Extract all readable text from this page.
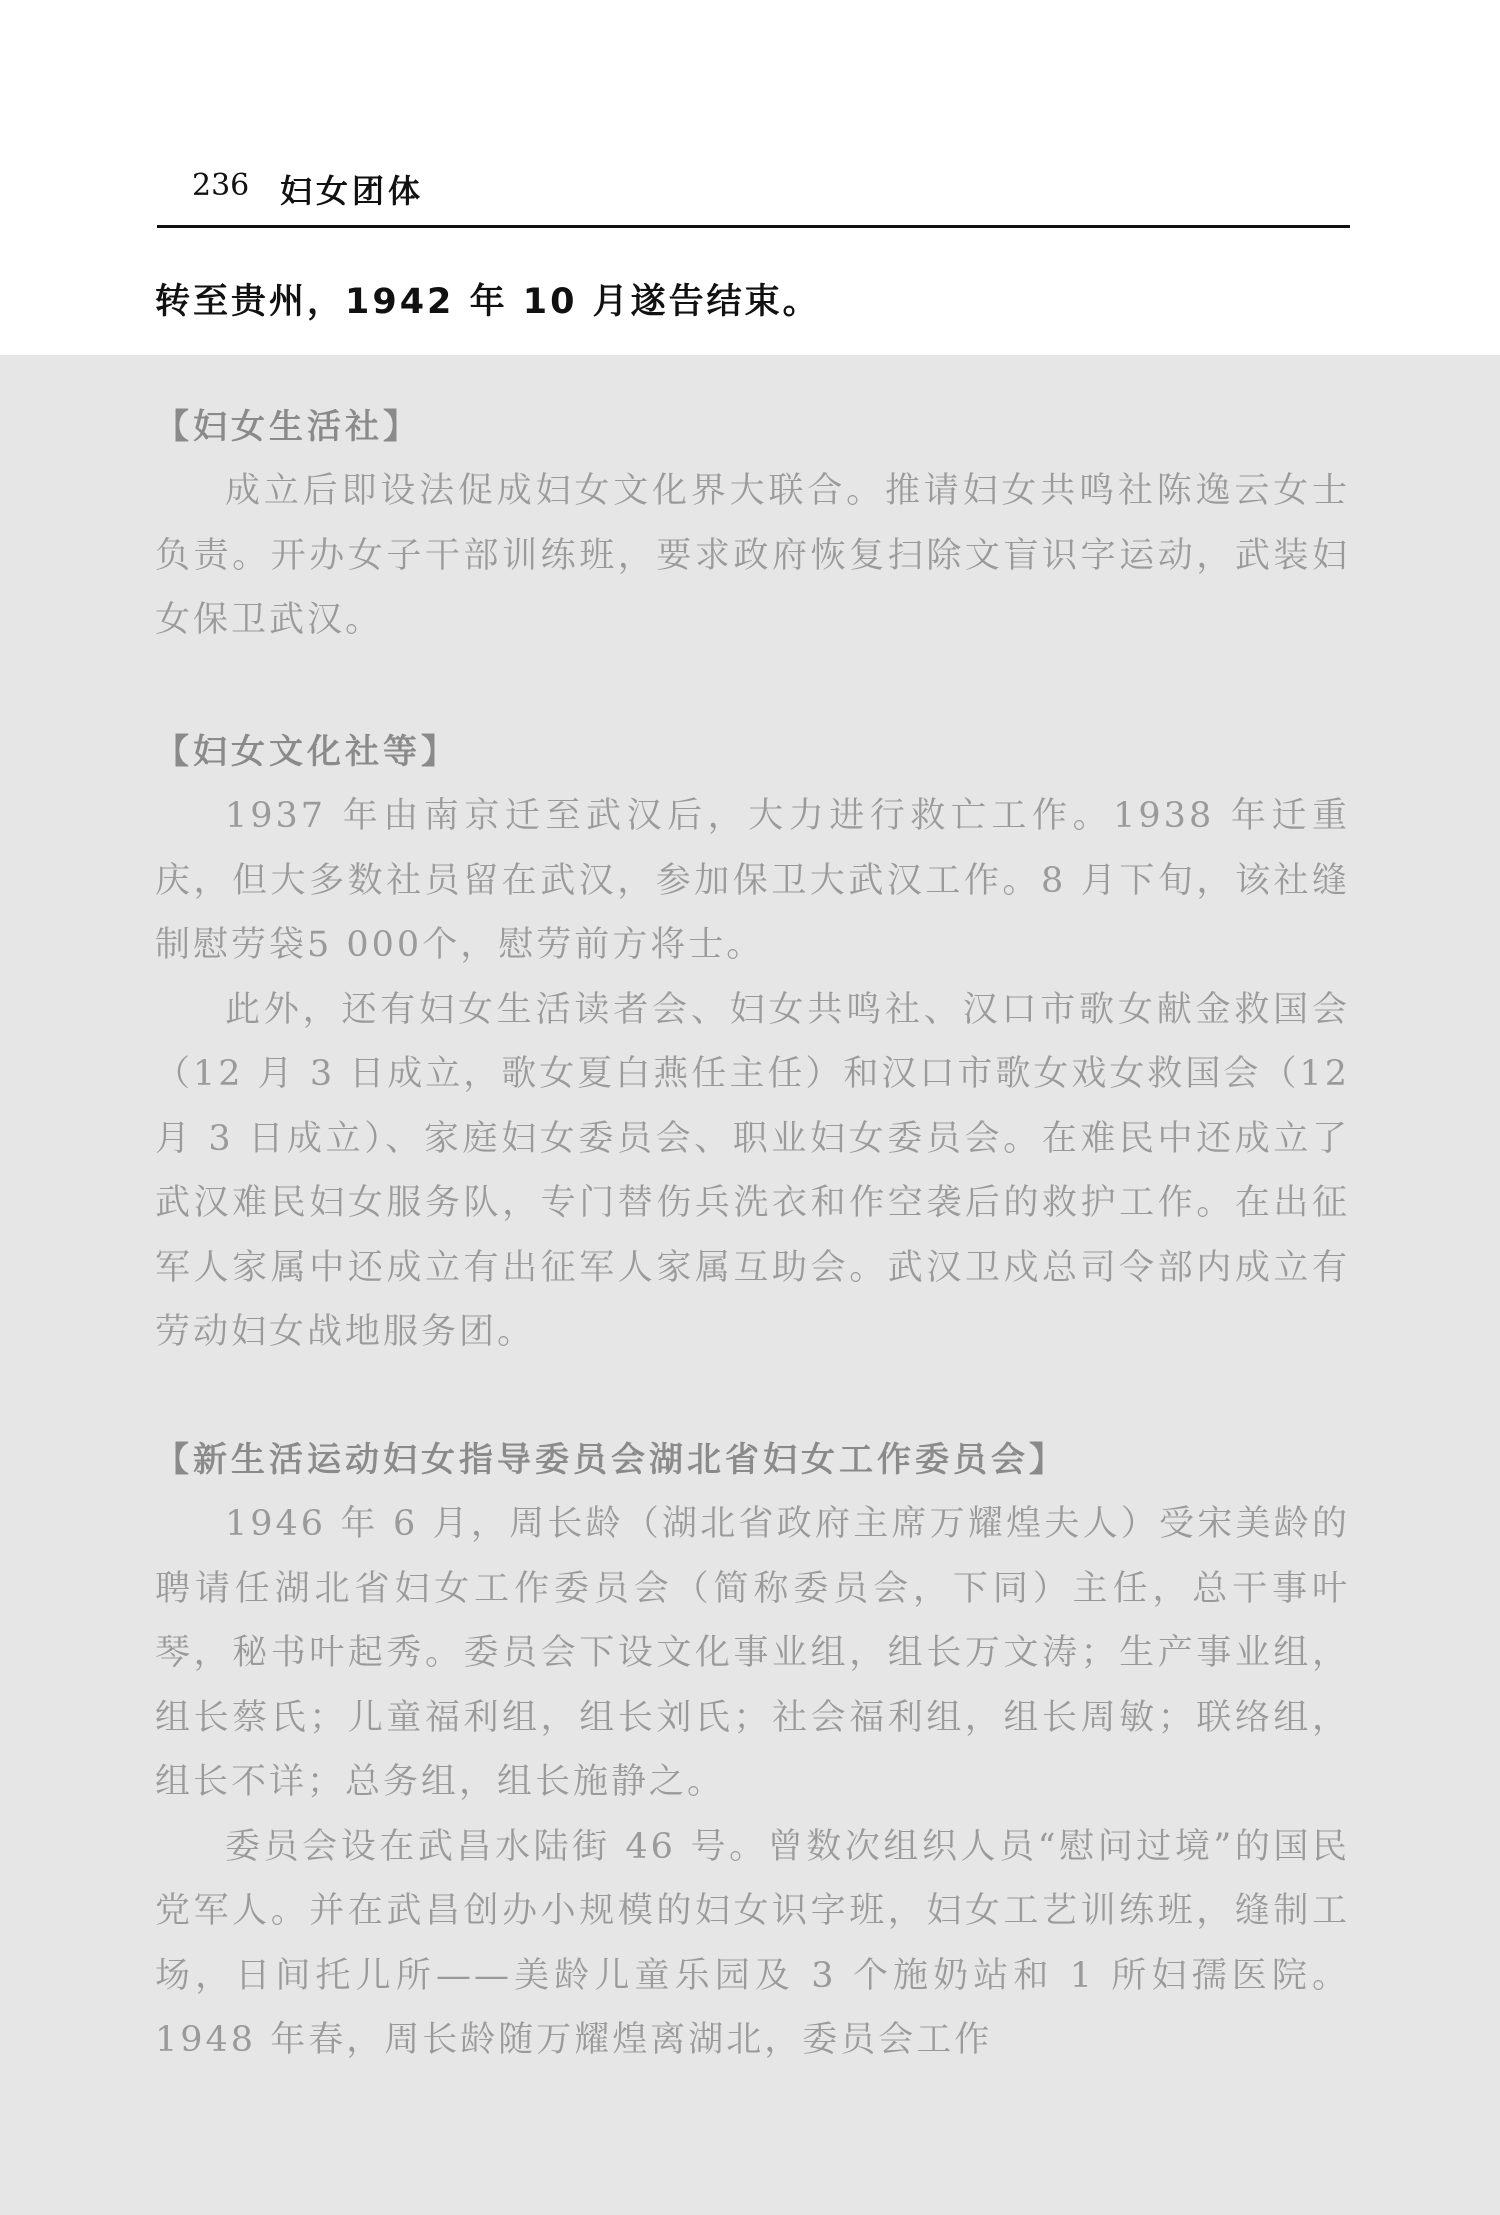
236 妇女团体

转至贵州，1942 年 10 月遂告结束。

【妇女生活社】

成立后即设法促成妇女文化界大联合。推请妇女共鸣社陈逸云女士负责。开办女子干部训练班，要求政府恢复扫除文盲识字运动，武装妇女保卫武汉。

【妇女文化社等】

1937 年由南京迁至武汉后，大力进行救亡工作。1938 年迁重庆，但大多数社员留在武汉，参加保卫大武汉工作。8 月下旬，该社缝制慰劳袋5 000个，慰劳前方将士。

此外，还有妇女生活读者会、妇女共鸣社、汉口市歌女献金救国会（12 月 3 日成立，歌女夏白燕任主任）和汉口市歌女戏女救国会（12 月 3 日成立）、家庭妇女委员会、职业妇女委员会。在难民中还成立了武汉难民妇女服务队，专门替伤兵洗衣和作空袭后的救护工作。在出征军人家属中还成立有出征军人家属互助会。武汉卫戍总司令部内成立有劳动妇女战地服务团。

【新生活运动妇女指导委员会湖北省妇女工作委员会】

1946 年 6 月，周长龄（湖北省政府主席万耀煌夫人）受宋美龄的聘请任湖北省妇女工作委员会（简称委员会，下同）主任，总干事叶琴，秘书叶起秀。委员会下设文化事业组，组长万文涛；生产事业组，组长蔡氏；儿童福利组，组长刘氏；社会福利组，组长周敏；联络组，组长不详；总务组，组长施静之。

委员会设在武昌水陆街 46 号。曾数次组织人员“慰问过境”的国民党军人。并在武昌创办小规模的妇女识字班，妇女工艺训练班，缝制工场，日间托儿所——美龄儿童乐园及 3 个施奶站和 1 所妇孺医院。1948 年春，周长龄随万耀煌离湖北，委员会工作
